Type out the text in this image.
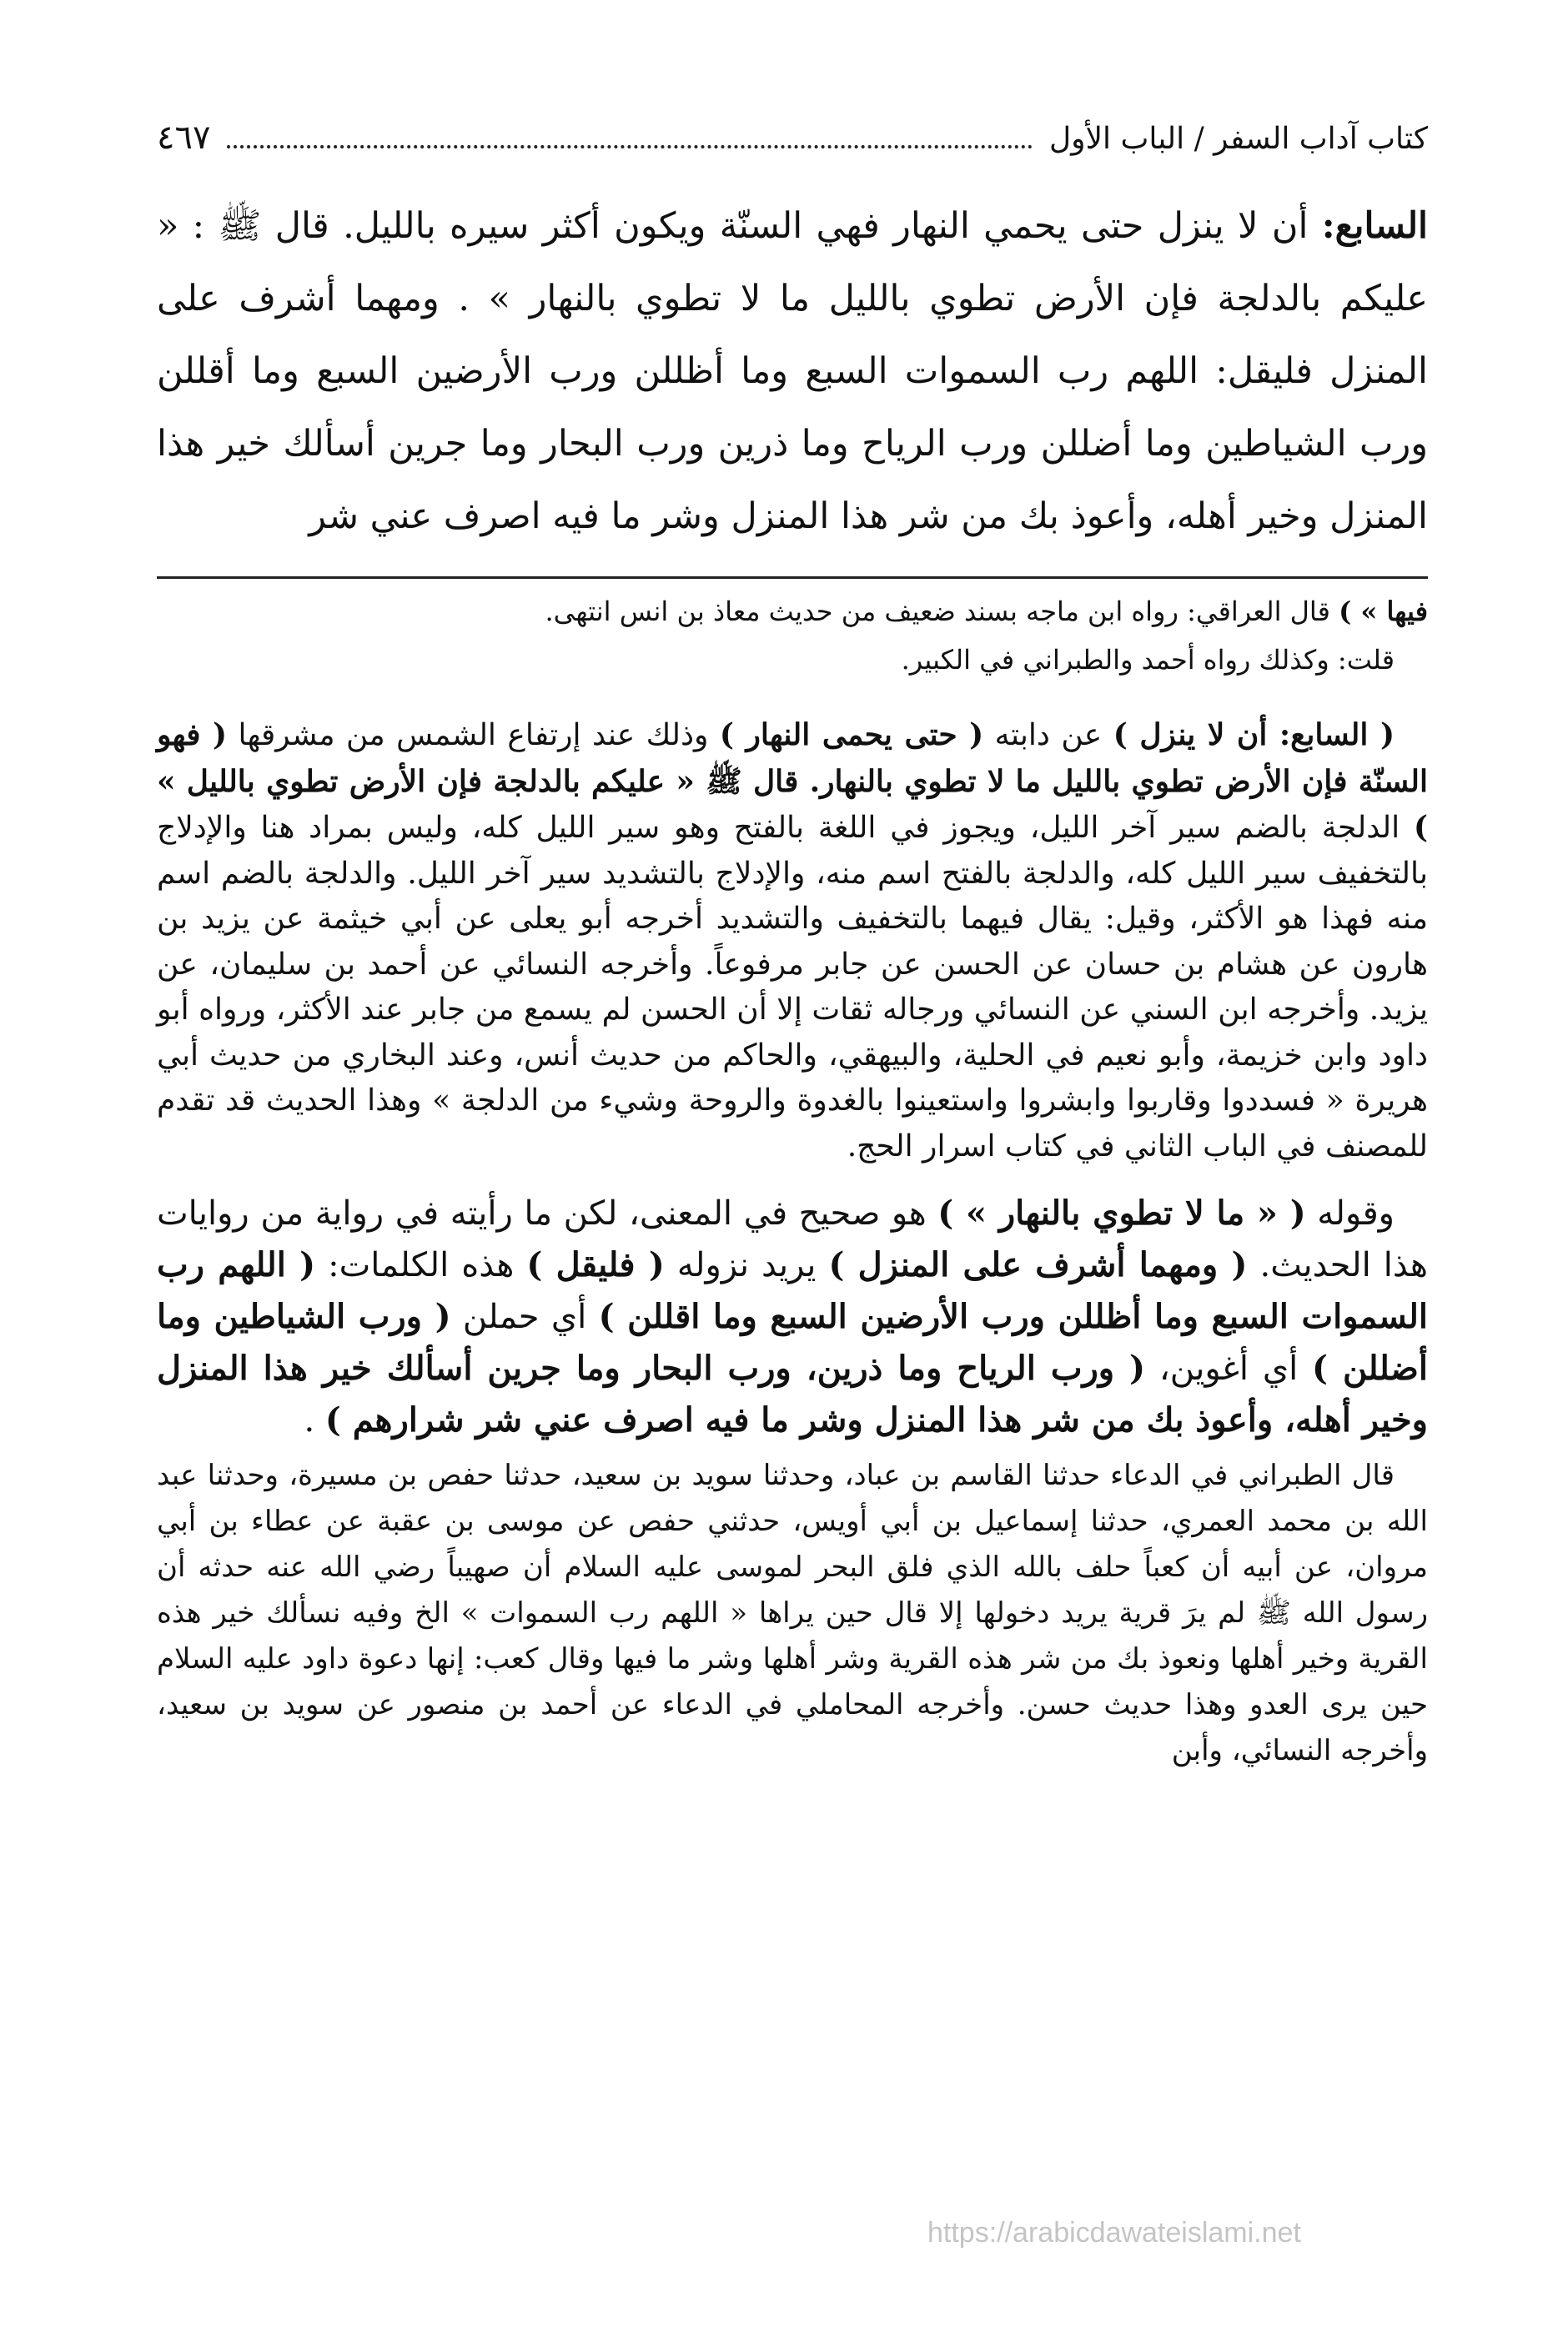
كتاب آداب السفر / الباب الأول
٤٦٧

السابع: أن لا ينزل حتى يحمي النهار فهي السنّة ويكون أكثر سيره بالليل. قال ﷺ : « عليكم بالدلجة فإن الأرض تطوي بالليل ما لا تطوي بالنهار » . ومهما أشرف على المنزل فليقل: اللهم رب السموات السبع وما أظللن ورب الأرضين السبع وما أقللن ورب الشياطين وما أضللن ورب الرياح وما ذرين ورب البحار وما جرين أسألك خير هذا المنزل وخير أهله، وأعوذ بك من شر هذا المنزل وشر ما فيه اصرف عني شر

فيها » ) قال العراقي: رواه ابن ماجه بسند ضعيف من حديث معاذ بن انس انتهى.

قلت: وكذلك رواه أحمد والطبراني في الكبير.

( السابع: أن لا ينزل ) عن دابته ( حتى يحمى النهار ) وذلك عند إرتفاع الشمس من مشرقها ( فهو السنّة فإن الأرض تطوي بالليل ما لا تطوي بالنهار. قال ﷺ « عليكم بالدلجة فإن الأرض تطوي بالليل » ) الدلجة بالضم سير آخر الليل، ويجوز في اللغة بالفتح وهو سير الليل كله، وليس بمراد هنا والإدلاج بالتخفيف سير الليل كله، والدلجة بالفتح اسم منه، والإدلاج بالتشديد سير آخر الليل. والدلجة بالضم اسم منه فهذا هو الأكثر، وقيل: يقال فيهما بالتخفيف والتشديد أخرجه أبو يعلى عن أبي خيثمة عن يزيد بن هارون عن هشام بن حسان عن الحسن عن جابر مرفوعاً. وأخرجه النسائي عن أحمد بن سليمان، عن يزيد. وأخرجه ابن السني عن النسائي ورجاله ثقات إلا أن الحسن لم يسمع من جابر عند الأكثر، ورواه أبو داود وابن خزيمة، وأبو نعيم في الحلية، والبيهقي، والحاكم من حديث أنس، وعند البخاري من حديث أبي هريرة « فسددوا وقاربوا وابشروا واستعينوا بالغدوة والروحة وشيء من الدلجة » وهذا الحديث قد تقدم للمصنف في الباب الثاني في كتاب اسرار الحج.

وقوله ( « ما لا تطوي بالنهار » ) هو صحيح في المعنى، لكن ما رأيته في رواية من روايات هذا الحديث. ( ومهما أشرف على المنزل ) يريد نزوله ( فليقل ) هذه الكلمات: ( اللهم رب السموات السبع وما أظللن ورب الأرضين السبع وما اقللن ) أي حملن ( ورب الشياطين وما أضللن ) أي أغوين، ( ورب الرياح وما ذرين، ورب البحار وما جرين أسألك خير هذا المنزل وخير أهله، وأعوذ بك من شر هذا المنزل وشر ما فيه اصرف عني شر شرارهم ) .

قال الطبراني في الدعاء حدثنا القاسم بن عباد، وحدثنا سويد بن سعيد، حدثنا حفص بن مسيرة، وحدثنا عبد الله بن محمد العمري، حدثنا إسماعيل بن أبي أويس، حدثني حفص عن موسى بن عقبة عن عطاء بن أبي مروان، عن أبيه أن كعباً حلف بالله الذي فلق البحر لموسى عليه السلام أن صهيباً رضي الله عنه حدثه أن رسول الله ﷺ لم يرَ قرية يريد دخولها إلا قال حين يراها « اللهم رب السموات » الخ وفيه نسألك خير هذه القرية وخير أهلها ونعوذ بك من شر هذه القرية وشر أهلها وشر ما فيها وقال كعب: إنها دعوة داود عليه السلام حين يرى العدو وهذا حديث حسن. وأخرجه المحاملي في الدعاء عن أحمد بن منصور عن سويد بن سعيد، وأخرجه النسائي، وأبن

https://arabicdawateislami.net
